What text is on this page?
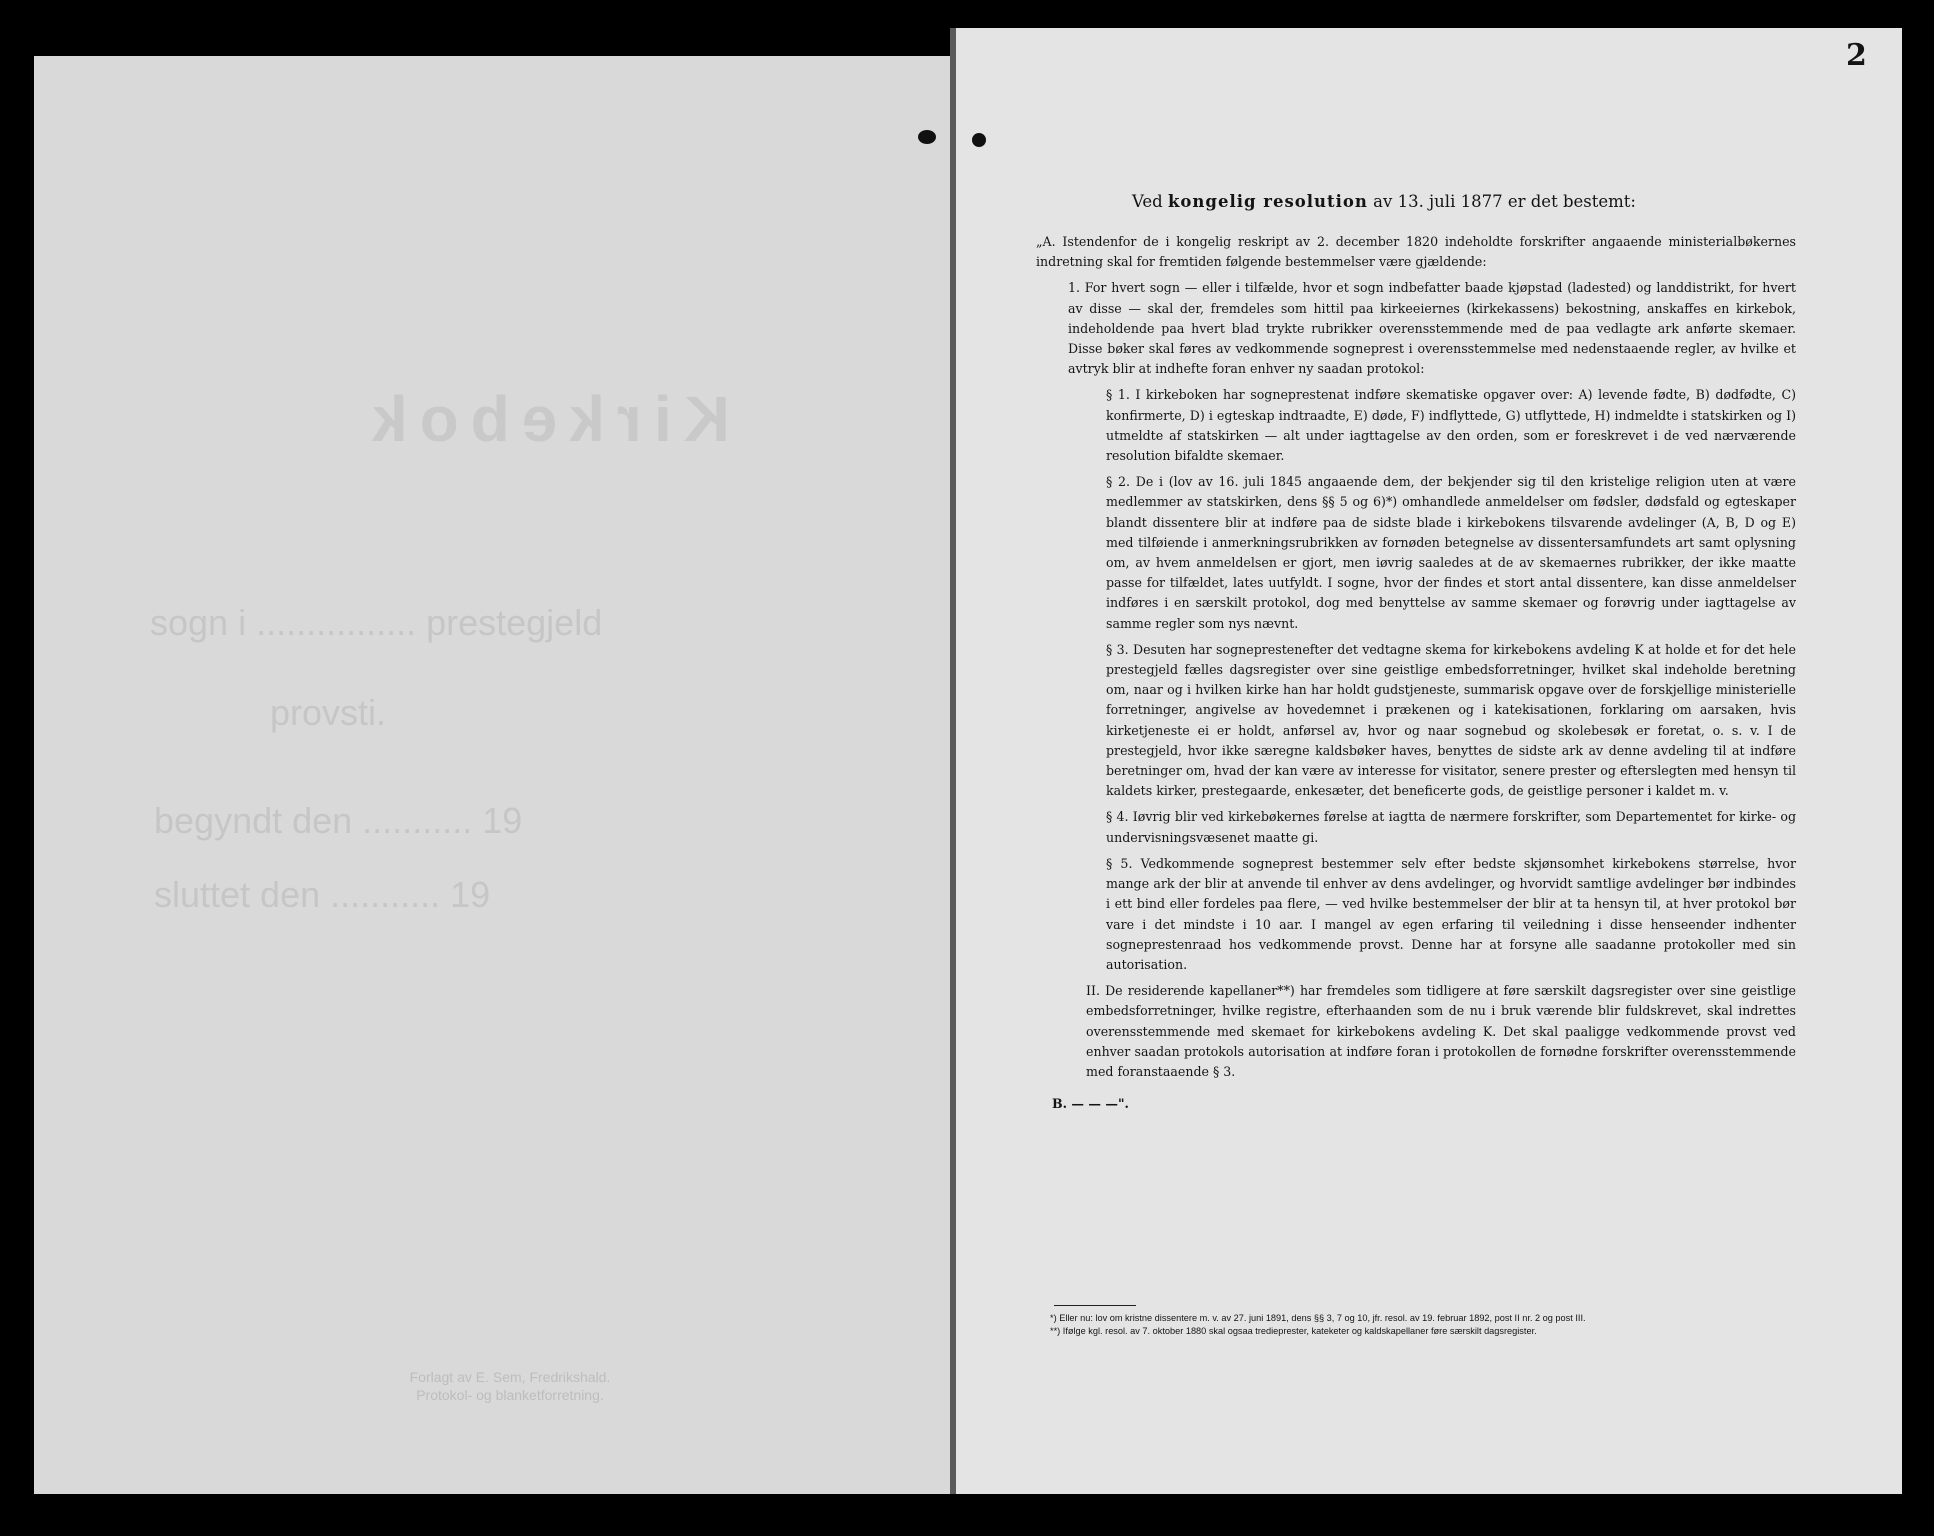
Kirkebok
sogn i ................ prestegjeld
provsti.
begyndt den ........... 19
sluttet den ........... 19
Forlagt av E. Sem, Fredrikshald. Protokol- og blanketforretning.
2
Ved kongelig resolution av 13. juli 1877 er det bestemt:

„A. Istendenfor de i kongelig reskript av 2. december 1820 indeholdte forskrifter angaaende ministerialbøkernes indretning skal for fremtiden følgende bestemmelser være gjældende:

1. For hvert sogn — eller i tilfælde, hvor et sogn indbefatter baade kjøpstad (ladested) og landdistrikt, for hvert av disse — skal der, fremdeles som hittil paa kirkeeiernes (kirkekassens) bekostning, anskaffes en kirkebok, indeholdende paa hvert blad trykte rubrikker overensstemmende med de paa vedlagte ark anførte skemaer. Disse bøker skal føres av vedkommende sogneprest i overensstemmelse med nedenstaaende regler, av hvilke et avtryk blir at indhefte foran enhver ny saadan protokol:

§ 1. I kirkeboken har sogneprestenat indføre skematiske opgaver over: A) levende fødte, B) dødfødte, C) konfirmerte, D) i egteskap indtraadte, E) døde, F) indflyttede, G) utflyttede, H) indmeldte i statskirken og I) utmeldte af statskirken — alt under iagttagelse av den orden, som er foreskrevet i de ved nærværende resolution bifaldte skemaer.

§ 2. De i (lov av 16. juli 1845 angaaende dem, der bekjender sig til den kristelige religion uten at være medlemmer av statskirken, dens §§ 5 og 6)*) omhandlede anmeldelser om fødsler, dødsfald og egteskaper blandt dissentere blir at indføre paa de sidste blade i kirkebokens tilsvarende avdelinger (A, B, D og E) med tilføiende i anmerkningsrubrikken av fornøden betegnelse av dissentersamfundets art samt oplysning om, av hvem anmeldelsen er gjort, men iøvrig saaledes at de av skemaernes rubrikker, der ikke maatte passe for tilfældet, lates uutfyldt. I sogne, hvor der findes et stort antal dissentere, kan disse anmeldelser indføres i en særskilt protokol, dog med benyttelse av samme skemaer og forøvrig under iagttagelse av samme regler som nys nævnt.

§ 3. Desuten har sogneprestenefter det vedtagne skema for kirkebokens avdeling K at holde et for det hele prestegjeld fælles dagsregister over sine geistlige embedsforretninger, hvilket skal indeholde beretning om, naar og i hvilken kirke han har holdt gudstjeneste, summarisk opgave over de forskjellige ministerielle forretninger, angivelse av hovedemnet i prækenen og i katekisationen, forklaring om aarsaken, hvis kirketjeneste ei er holdt, anførsel av, hvor og naar sognebud og skolebesøk er foretat, o. s. v. I de prestegjeld, hvor ikke særegne kaldsbøker haves, benyttes de sidste ark av denne avdeling til at indføre beretninger om, hvad der kan være av interesse for visitator, senere prester og efterslegten med hensyn til kaldets kirker, prestegaarde, enkesæter, det beneficerte gods, de geistlige personer i kaldet m. v.

§ 4. Iøvrig blir ved kirkebøkernes førelse at iagtta de nærmere forskrifter, som Departementet for kirke- og undervisningsvæsenet maatte gi.

§ 5. Vedkommende sogneprest bestemmer selv efter bedste skjønsomhet kirkebokens størrelse, hvor mange ark der blir at anvende til enhver av dens avdelinger, og hvorvidt samtlige avdelinger bør indbindes i ett bind eller fordeles paa flere, — ved hvilke bestemmelser der blir at ta hensyn til, at hver protokol bør vare i det mindste i 10 aar. I mangel av egen erfaring til veiledning i disse henseender indhenter sogneprestenraad hos vedkommende provst. Denne har at forsyne alle saadanne protokoller med sin autorisation.

II. De residerende kapellaner**) har fremdeles som tidligere at føre særskilt dagsregister over sine geistlige embedsforretninger, hvilke registre, efterhaanden som de nu i bruk værende blir fuldskrevet, skal indrettes overensstemmende med skemaet for kirkebokens avdeling K. Det skal paaligge vedkommende provst ved enhver saadan protokols autorisation at indføre foran i protokollen de fornødne forskrifter overensstemmende med foranstaaende § 3.

B. — — —".

*) Eller nu: lov om kristne dissentere m. v. av 27. juni 1891, dens §§ 3, 7 og 10, jfr. resol. av 19. februar 1892, post II nr. 2 og post III.
**) Ifølge kgl. resol. av 7. oktober 1880 skal ogsaa tredieprester, kateketer og kaldskapellaner føre særskilt dagsregister.
